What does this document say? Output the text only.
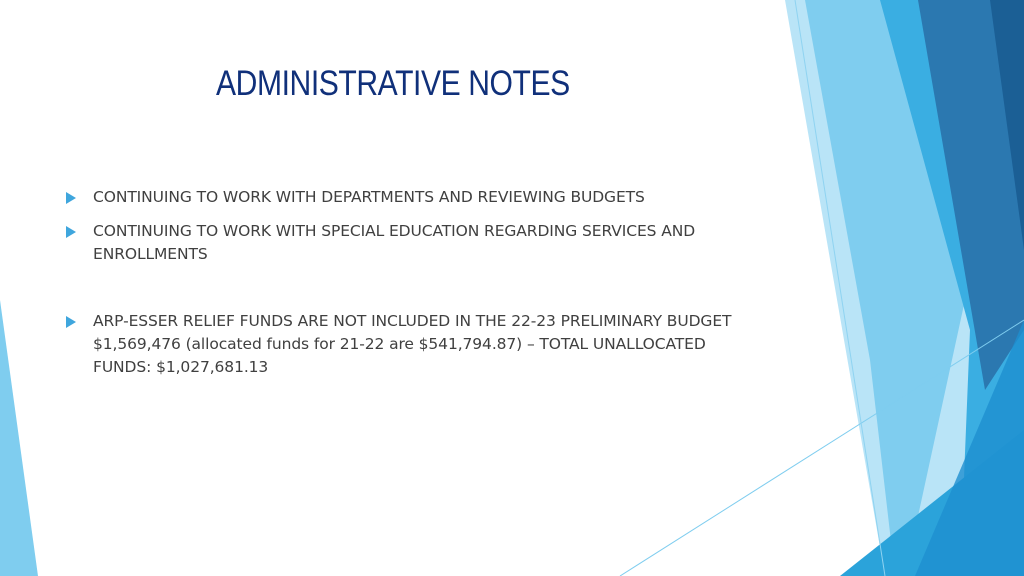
ADMINISTRATIVE NOTES
CONTINUING TO WORK WITH DEPARTMENTS AND REVIEWING BUDGETS
CONTINUING TO WORK WITH SPECIAL EDUCATION REGARDING SERVICES AND ENROLLMENTS
ARP-ESSER RELIEF FUNDS ARE NOT INCLUDED IN THE 22-23 PRELIMINARY BUDGET $1,569,476 (allocated funds for 21-22 are $541,794.87) – TOTAL UNALLOCATED FUNDS: $1,027,681.13
